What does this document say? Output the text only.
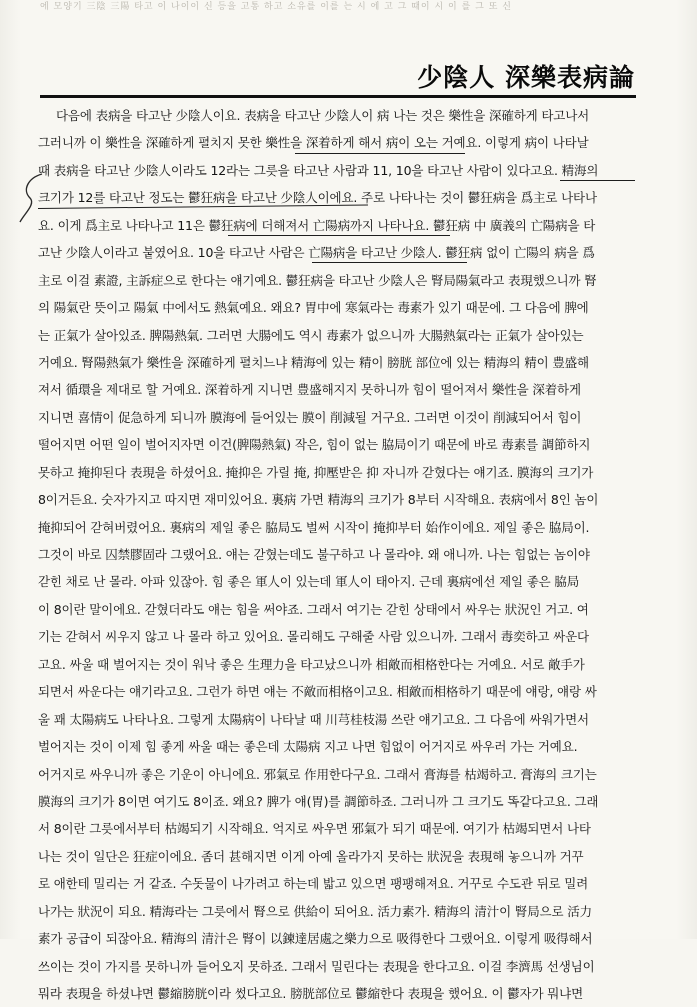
에 모양기 三陰 三陽 타고 이 나이이 신 등을 고통 하고 소유를 이를 는 시 에 고 그 때이 시 이 를 그 또 신
少陰人 深樂表病論
다음에 表病을 타고난 少陰人이요. 表病을 타고난 少陰人이 病 나는 것은 樂性을 深確하게 타고나서
그러니까 이 樂性을 深確하게 펼치지 못한 樂性을 深着하게 해서 病이 오는 거예요. 이렇게 病이 나타날
때 表病을 타고난 少陰人이라도 12라는 그릇을 타고난 사람과 11, 10을 타고난 사람이 있다고요. 精海의
크기가 12를 타고난 정도는 鬱狂病을 타고난 少陰人이에요. 주로 나타나는 것이 鬱狂病을 爲主로 나타나
요. 이게 爲主로 나타나고 11은 鬱狂病에 더해져서 亡陽病까지 나타나요. 鬱狂病 中 廣義의 亡陽病을 타
고난 少陰人이라고 붙였어요. 10을 타고난 사람은 亡陽病을 타고난 少陰人. 鬱狂病 없이 亡陽의 病을 爲
主로 이걸 素證, 主訴症으로 한다는 얘기예요. 鬱狂病을 타고난 少陰人은 腎局陽氣라고 表現했으니까 腎
의 陽氣란 뜻이고 陽氣 中에서도 熱氣예요. 왜요? 胃中에 寒氣라는 毒素가 있기 때문에. 그 다음에 脾에
는 正氣가 살아있죠. 脾陽熱氣. 그러면 大腸에도 역시 毒素가 없으니까 大腸熱氣라는 正氣가 살아있는
거예요. 腎陽熱氣가 樂性을 深確하게 펼치느냐 精海에 있는 精이 膀胱 部位에 있는 精海의 精이 豊盛해
져서 循環을 제대로 할 거예요. 深着하게 지니면 豊盛해지지 못하니까 힘이 떨어져서 樂性을 深着하게
지니면 喜情이 促急하게 되니까 膜海에 들어있는 膜이 削減될 거구요. 그러면 이것이 削減되어서 힘이
떨어지면 어떤 일이 벌어지자면 이건(脾陽熱氣) 작은, 힘이 없는 脇局이기 때문에 바로 毒素를 調節하지
못하고 掩抑된다 表現을 하셨어요. 掩抑은 가릴 掩, 抑壓받은 抑 자니까 갇혔다는 얘기죠. 膜海의 크기가
8이거든요. 숫자가지고 따지면 재미있어요. 裏病 가면 精海의 크기가 8부터 시작해요. 表病에서 8인 놈이
掩抑되어 갇혀버렸어요. 裏病의 제일 좋은 脇局도 벌써 시작이 掩抑부터 始作이에요. 제일 좋은 脇局이.
그것이 바로 囚禁膠固라 그랬어요. 얘는 갇혔는데도 불구하고 나 몰라야. 왜 애니까. 나는 힘없는 놈이야
갇힌 채로 난 몰라. 아파 있잖아. 힘 좋은 軍人이 있는데 軍人이 태아지. 근데 裏病에선 제일 좋은 脇局
이 8이란 말이에요. 갇혔더라도 얘는 힘을 써야죠. 그래서 여기는 갇힌 상태에서 싸우는 狀況인 거고. 여
기는 갇혀서 씨우지 않고 나 몰라 하고 있어요. 몰리해도 구해줄 사람 있으니까. 그래서 毒奕하고 싸운다
고요. 싸울 때 벌어지는 것이 워낙 좋은 生理力을 타고났으니까 相敵而相格한다는 거예요. 서로 敵手가
되면서 싸운다는 얘기라고요. 그런가 하면 얘는 不敵而相格이고요. 相敵而相格하기 때문에 얘랑, 얘랑 싸
울 꽤 太陽病도 나타나요. 그렇게 太陽病이 나타날 때 川芎桂枝湯 쓰란 얘기고요. 그 다음에 싸워가면서
벌어지는 것이 이제 힘 좋게 싸울 때는 좋은데 太陽病 지고 나면 힘없이 어거지로 싸우러 가는 거예요.
어거지로 싸우니까 좋은 기운이 아니에요. 邪氣로 作用한다구요. 그래서 膏海를 枯竭하고. 膏海의 크기는
膜海의 크기가 8이면 여기도 8이죠. 왜요? 脾가 얘(胃)를 調節하죠. 그러니까 그 크기도 똑같다고요. 그래
서 8이란 그릇에서부터 枯竭되기 시작해요. 억지로 싸우면 邪氣가 되기 때문에. 여기가 枯竭되면서 나타
나는 것이 일단은 狂症이에요. 좀더 甚해지면 이게 아예 올라가지 못하는 狀況을 表現해 놓으니까 거꾸
로 애한테 밀리는 거 같죠. 수돗물이 나가려고 하는데 밟고 있으면 팽팽해져요. 거꾸로 수도관 뒤로 밀려
나가는 狀況이 되요. 精海라는 그릇에서 腎으로 供給이 되어요. 活力素가. 精海의 清汁이 腎局으로 活力
素가 공급이 되잖아요. 精海의 清汁은 腎이 以鍊達居處之樂力으로 吸得한다 그랬어요. 이렇게 吸得해서
쓰이는 것이 가지를 못하니까 들어오지 못하죠. 그래서 밀린다는 表現을 한다고요. 이걸 李濟馬 선생님이
뭐라 表現을 하셨냐면 鬱縮膀胱이라 썼다고요. 膀胱部位로 鬱縮한다 表現을 했어요. 이 鬱자가 뭐냐면
